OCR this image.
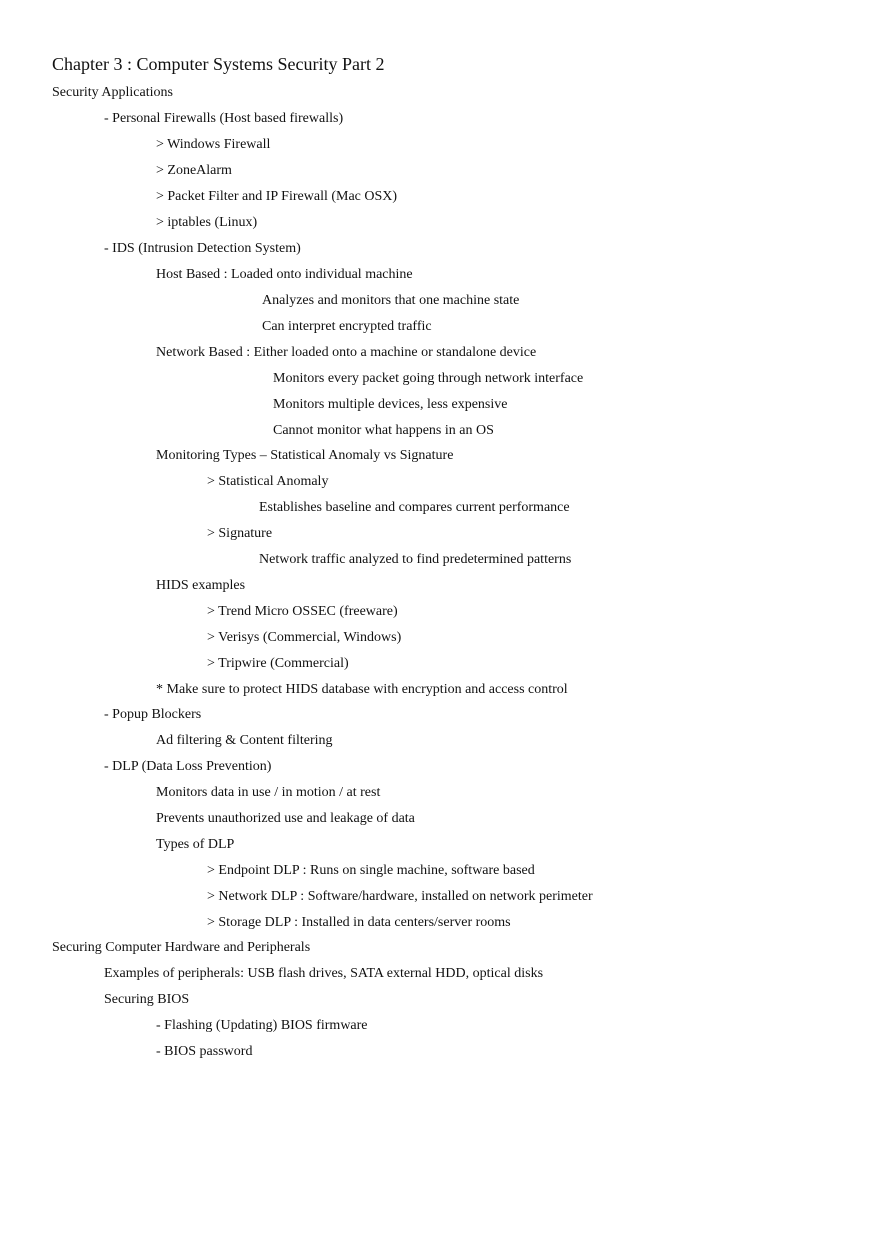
Chapter 3 : Computer Systems Security Part 2
Security Applications
- Personal Firewalls (Host based firewalls)
> Windows Firewall
> ZoneAlarm
> Packet Filter and IP Firewall (Mac OSX)
> iptables (Linux)
- IDS (Intrusion Detection System)
Host Based : Loaded onto individual machine
Analyzes and monitors that one machine state
Can interpret encrypted traffic
Network Based : Either loaded onto a machine or standalone device
Monitors every packet going through network interface
Monitors multiple devices, less expensive
Cannot monitor what happens in an OS
Monitoring Types – Statistical Anomaly vs Signature
> Statistical Anomaly
Establishes baseline and compares current performance
> Signature
Network traffic analyzed to find predetermined patterns
HIDS examples
> Trend Micro OSSEC (freeware)
> Verisys (Commercial, Windows)
> Tripwire (Commercial)
* Make sure to protect HIDS database with encryption and access control
- Popup Blockers
Ad filtering & Content filtering
- DLP (Data Loss Prevention)
Monitors data in use / in motion / at rest
Prevents unauthorized use and leakage of data
Types of DLP
> Endpoint DLP : Runs on single machine, software based
> Network DLP : Software/hardware, installed on network perimeter
> Storage DLP : Installed in data centers/server rooms
Securing Computer Hardware and Peripherals
Examples of peripherals: USB flash drives, SATA external HDD, optical disks
Securing BIOS
- Flashing (Updating) BIOS firmware
- BIOS password
